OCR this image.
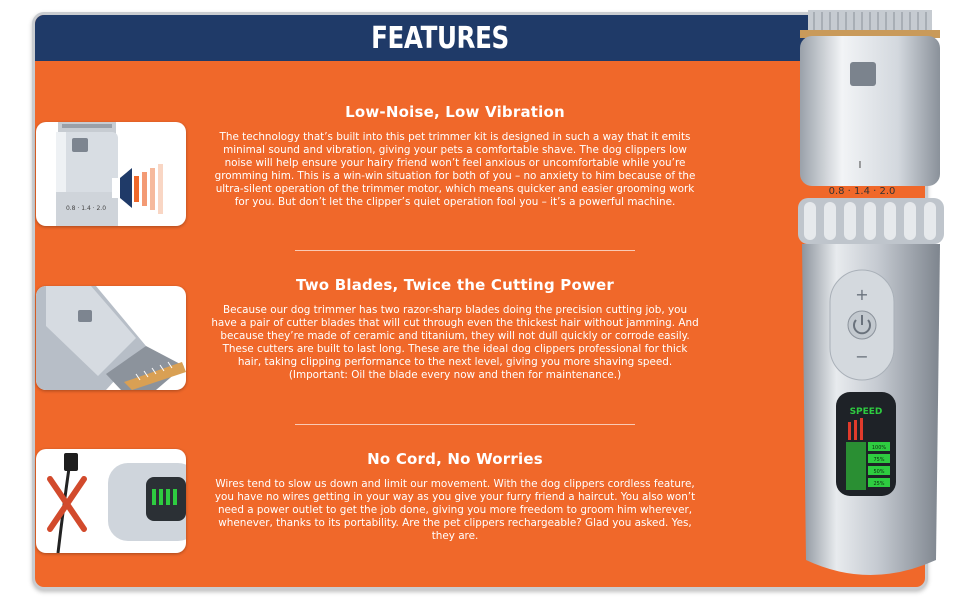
FEATURES

Low-Noise, Low Vibration

The technology that’s built into this pet trimmer kit is designed in such a way that it emits minimal sound and vibration, giving your pets a comfortable shave. The dog clippers low noise will help ensure your hairy friend won’t feel anxious or uncomfortable while you’re gromming him. This is a win-win situation for both of you – no anxiety to him because of the ultra-silent operation of the trimmer motor, which means quicker and easier grooming work for you. But don’t let the clipper’s quiet operation fool you – it’s a powerful machine.

Two Blades, Twice the Cutting Power

Because our dog trimmer has two razor-sharp blades doing the precision cutting job, you have a pair of cutter blades that will cut through even the thickest hair without jamming. And because they’re made of ceramic and titanium, they will not dull quickly or corrode easily. These cutters are built to last long. These are the ideal dog clippers professional for thick hair, taking clipping performance to the next level, giving you more shaving speed. (Important: Oil the blade every now and then for maintenance.)

No Cord, No Worries

Wires tend to slow us down and limit our movement. With the dog clippers cordless feature, you have no wires getting in your way as you give your furry friend a haircut. You also won’t need a power outlet to get the job done, giving you more freedom to groom him wherever, whenever, thanks to its portability. Are the pet clippers rechargeable? Glad you asked. Yes, they are.

0.8 · 1.4 · 2.0
I
0.8 · 1.4 · 2.0
+
−
SPEED
100%
75%
50%
25%
